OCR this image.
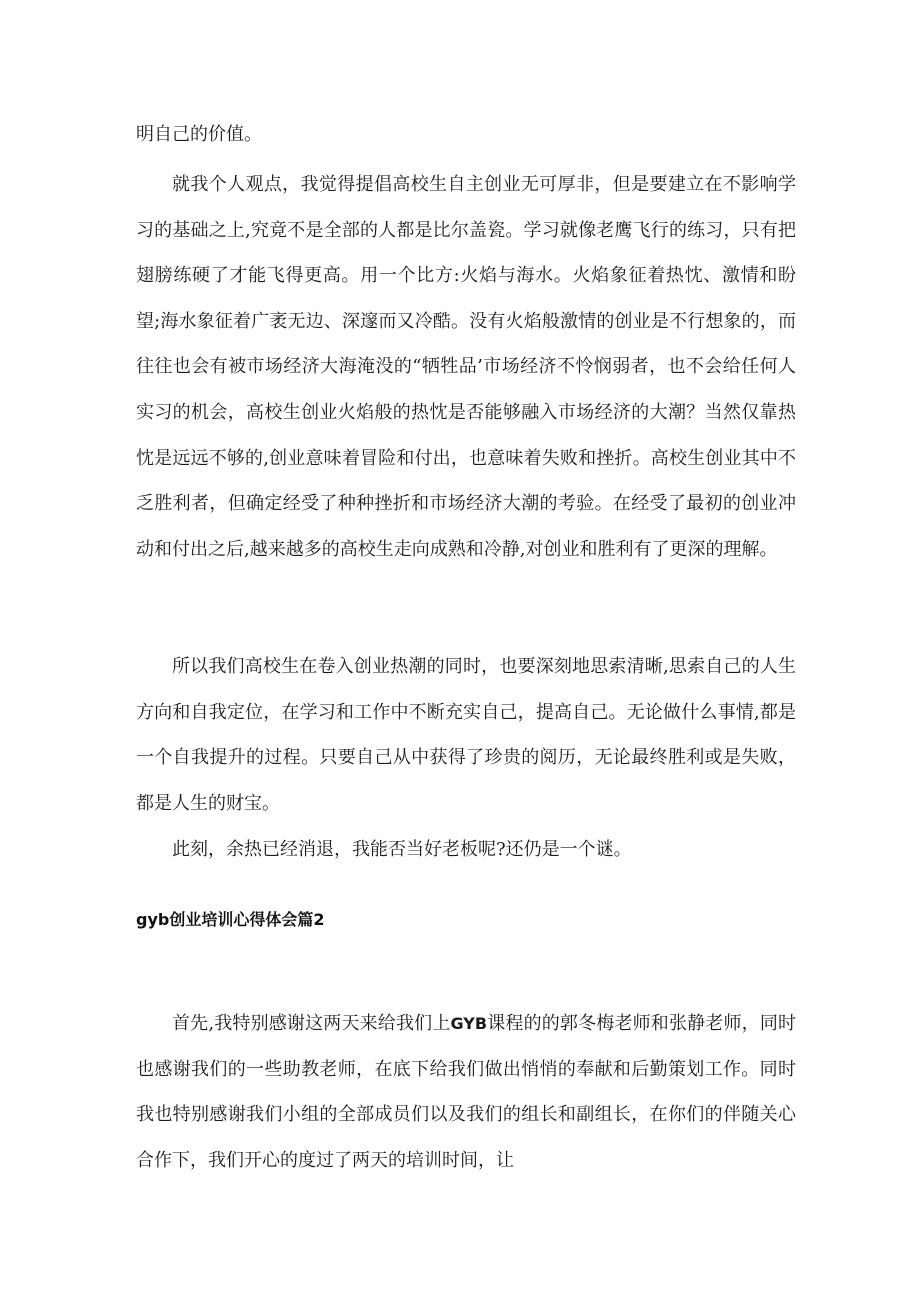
明自己的价值。

就我个人观点，我觉得提倡高校生自主创业无可厚非，但是要建立在不影响学习的基础之上,究竟不是全部的人都是比尔盖瓷。学习就像老鹰飞行的练习，只有把翅膀练硬了才能飞得更高。用一个比方:火焰与海水。火焰象征着热忱、激情和盼望;海水象征着广袤无边、深邃而又冷酷。没有火焰般激情的创业是不行想象的，而往往也会有被市场经济大海淹没的“牺牲品’市场经济不怜悯弱者，也不会给任何人实习的机会，高校生创业火焰般的热忱是否能够融入市场经济的大潮？当然仅靠热忱是远远不够的,创业意味着冒险和付出，也意味着失败和挫折。高校生创业其中不乏胜利者，但确定经受了种种挫折和市场经济大潮的考验。在经受了最初的创业冲动和付出之后,越来越多的高校生走向成熟和冷静,对创业和胜利有了更深的理解。

所以我们高校生在卷入创业热潮的同时，也要深刻地思索清晰,思索自己的人生方向和自我定位，在学习和工作中不断充实自己，提高自己。无论做什么事情,都是一个自我提升的过程。只要自己从中获得了珍贵的阅历，无论最终胜利或是失败，都是人生的财宝。

此刻，余热已经消退，我能否当好老板呢?还仍是一个谜。

gyb创业培训心得体会篇2

首先,我特别感谢这两天来给我们上GYB课程的的郭冬梅老师和张静老师，同时也感谢我们的一些助教老师，在底下给我们做出悄悄的奉献和后勤策划工作。同时我也特别感谢我们小组的全部成员们以及我们的组长和副组长，在你们的伴随关心合作下，我们开心的度过了两天的培训时间，让
